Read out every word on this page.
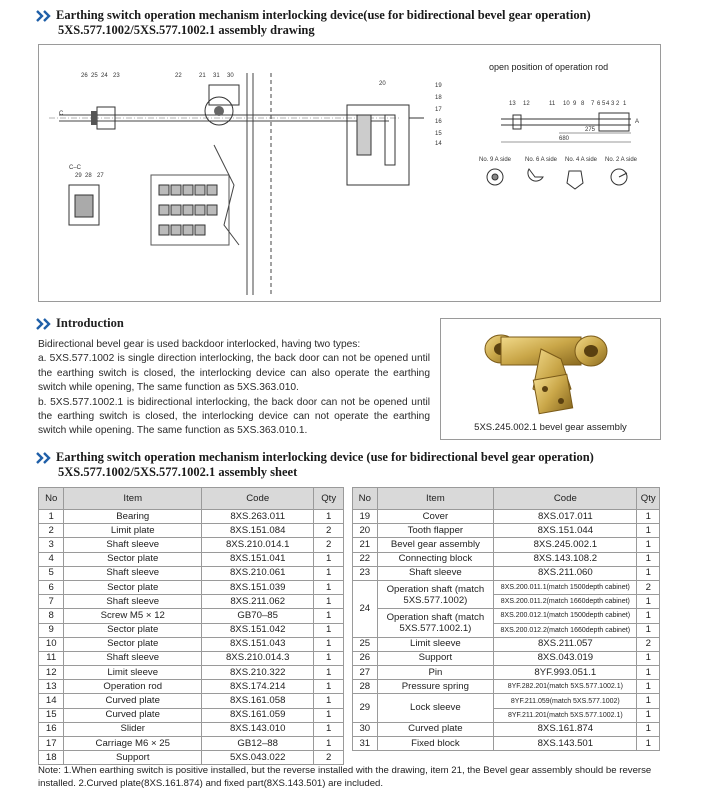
Earthing switch operation mechanism interlocking device(use for bidirectional bevel gear operation)
5XS.577.1002/5XS.577.1002.1 assembly drawing
26 25 24 23	22	21 31 30
20	19
18
17
16
15
14
C–C
29 28 27
C
open position of operation rod
13 12	11 10 9 8 7 6 5 4 3 2 1
275
680
A
No. 9 A side No. 6 A side No. 4 A side No. 2 A side
Introduction

Bidirectional bevel gear is used backdoor interlocked, having two types:

a. 5XS.577.1002 is single direction interlocking, the back door can not be opened until the earthing switch is closed, the interlocking device can also operate the earthing switch while opening, The same function as 5XS.363.010.

b. 5XS.577.1002.1 is bidirectional interlocking, the back door can not be opened until the earthing switch is closed, the interlocking device can not operate the earthing switch while opening. The same function as 5XS.363.010.1.	5XS.245.002.1 bevel gear assembly
Earthing switch operation mechanism interlocking device (use for bidirectional bevel gear operation)
5XS.577.1002/5XS.577.1002.1 assembly sheet
No	Item	Code	Qty
1	Bearing	8XS.263.011	1
2	Limit plate	8XS.151.084	2
3	Shaft sleeve	8XS.210.014.1	2
4	Sector plate	8XS.151.041	1
5	Shaft sleeve	8XS.210.061	1
6	Sector plate	8XS.151.039	1
7	Shaft sleeve	8XS.211.062	1
8	Screw M5 × 12	GB70–85	1
9	Sector plate	8XS.151.042	1
10	Sector plate	8XS.151.043	1
11	Shaft sleeve	8XS.210.014.3	1
12	Limit sleeve	8XS.210.322	1
13	Operation rod	8XS.174.214	1
14	Curved plate	8XS.161.058	1
15	Curved plate	8XS.161.059	1
16	Slider	8XS.143.010	1
17	Carriage M6 × 25	GB12–88	1
18	Support	5XS.043.022	2
No	Item	Code	Qty
19	Cover	8XS.017.011	1
20	Tooth flapper	8XS.151.044	1
21	Bevel gear assembly	8XS.245.002.1	1
22	Connecting block	8XS.143.108.2	1
23	Shaft sleeve	8XS.211.060	1
24	Operation shaft (match 5XS.577.1002)	8XS.200.011.1(match 1500depth cabinet)	2
		8XS.200.011.2(match 1660depth cabinet)	1
	Operation shaft (match 5XS.577.1002.1)	8XS.200.012.1(match 1500depth cabinet)	1
		8XS.200.012.2(match 1660depth cabinet)	1
25	Limit sleeve	8XS.211.057	2
26	Support	8XS.043.019	1
27	Pin	8YF.993.051.1	1
28	Pressure spring	8YF.282.201(match 5XS.577.1002.1)	1
29	Lock sleeve	8YF.211.059(match 5XS.577.1002)	1
		8YF.211.201(match 5XS.577.1002.1)	1
30	Curved plate	8XS.161.874	1
31	Fixed block	8XS.143.501	1
Note: 1.When earthing switch is positive installed, but the reverse installed with the drawing, item 21, the Bevel gear assembly should be reverse installed. 2.Curved plate(8XS.161.874) and fixed part(8XS.143.501) are included.
